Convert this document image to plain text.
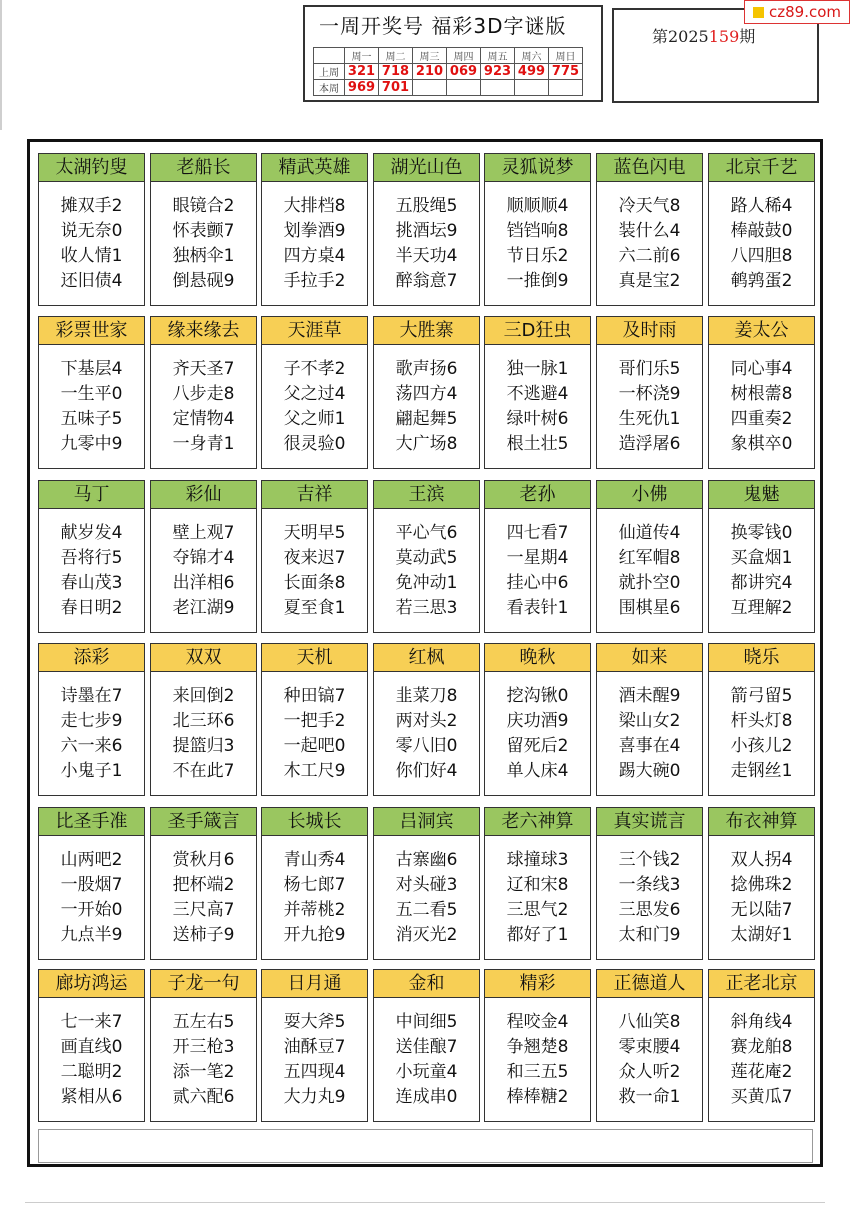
一周开奖号 福彩3D字谜版
	周一	周二	周三	周四	周五	周六	周日
上周	321	718	210	069	923	499	775
本周	969	701					
第2025159期
cz89.com
太湖钓叟
摊双手2
说无奈0
收人情1
还旧债4
老船长
眼镜合2
怀表颤7
独柄伞1
倒悬砚9
精武英雄
大排档8
划拳酒9
四方桌4
手拉手2
湖光山色
五股绳5
挑酒坛9
半天功4
醉翁意7
灵狐说梦
顺顺顺4
铛铛响8
节日乐2
一推倒9
蓝色闪电
冷天气8
装什么4
六二前6
真是宝2
北京千艺
路人稀4
棒敲鼓0
八四胆8
鹌鹑蛋2
彩票世家
下基层4
一生平0
五味子5
九零中9
缘来缘去
齐天圣7
八步走8
定情物4
一身青1
天涯草
子不孝2
父之过4
父之师1
很灵验0
大胜寨
歌声扬6
荡四方4
翩起舞5
大广场8
三D狂虫
独一脉1
不逃避4
绿叶树6
根土壮5
及时雨
哥们乐5
一杯浇9
生死仇1
造浮屠6
姜太公
同心事4
树根薷8
四重奏2
象棋卒0
马丁
献岁发4
吾将行5
春山茂3
春日明2
彩仙
壁上观7
夺锦才4
出洋相6
老江湖9
吉祥
天明早5
夜来迟7
长面条8
夏至食1
王滨
平心气6
莫动武5
免冲动1
若三思3
老孙
四七看7
一星期4
挂心中6
看表针1
小佛
仙道传4
红军帽8
就扑空0
围棋星6
鬼魅
换零钱0
买盒烟1
都讲究4
互理解2
添彩
诗墨在7
走七步9
六一来6
小鬼子1
双双
来回倒2
北三环6
提篮归3
不在此7
天机
种田镐7
一把手2
一起吧0
木工尺9
红枫
韭菜刀8
两对头2
零八旧0
你们好4
晚秋
挖沟锹0
庆功酒9
留死后2
单人床4
如来
酒未醒9
梁山女2
喜事在4
踢大碗0
晓乐
箭弓留5
杆头灯8
小孩儿2
走钢丝1
比圣手准
山两吧2
一股烟7
一开始0
九点半9
圣手箴言
赏秋月6
把杯端2
三尺高7
送柿子9
长城长
青山秀4
杨七郎7
并蒂桃2
开九抢9
吕洞宾
古寨幽6
对头碰3
五二看5
消灭光2
老六神算
球撞球3
辽和宋8
三思气2
都好了1
真实谎言
三个钱2
一条线3
三思发6
太和门9
布衣神算
双人拐4
捻佛珠2
无以陆7
太湖好1
廊坊鸿运
七一来7
画直线0
二聪明2
紧相从6
子龙一句
五左右5
开三枪3
添一笔2
贰六配6
日月通
耍大斧5
油酥豆7
五四现4
大力丸9
金和
中间细5
送佳酿7
小玩童4
连成串0
精彩
程咬金4
争翘楚8
和三五5
棒棒糖2
正德道人
八仙笑8
零束腰4
众人听2
救一命1
正老北京
斜角线4
赛龙舶8
莲花庵2
买黄瓜7
